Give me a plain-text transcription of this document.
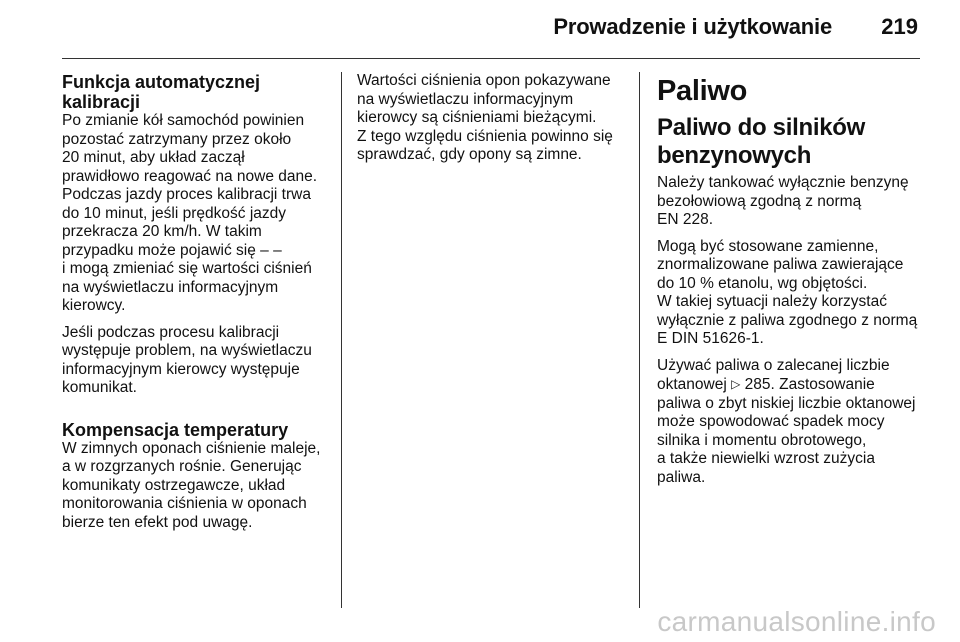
Prowadzenie i użytkowanie 219
Funkcja automatycznej
kalibracji
Po zmianie kół samochód powinien
pozostać zatrzymany przez około
20 minut, aby układ zaczął
prawidłowo reagować na nowe dane.
Podczas jazdy proces kalibracji trwa
do 10 minut, jeśli prędkość jazdy
przekracza 20 km/h. W takim
przypadku może pojawić się – –
i mogą zmieniać się wartości ciśnień
na wyświetlaczu informacyjnym
kierowcy.
Jeśli podczas procesu kalibracji
występuje problem, na wyświetlaczu
informacyjnym kierowcy występuje
komunikat.
Kompensacja temperatury
W zimnych oponach ciśnienie maleje,
a w rozgrzanych rośnie. Generując
komunikaty ostrzegawcze, układ
monitorowania ciśnienia w oponach
bierze ten efekt pod uwagę.
Wartości ciśnienia opon pokazywane
na wyświetlaczu informacyjnym
kierowcy są ciśnieniami bieżącymi.
Z tego względu ciśnienia powinno się
sprawdzać, gdy opony są zimne.
Paliwo
Paliwo do silników
benzynowych
Należy tankować wyłącznie benzynę
bezołowiową zgodną z normą
EN 228.
Mogą być stosowane zamienne,
znormalizowane paliwa zawierające
do 10 % etanolu, wg objętości.
W takiej sytuacji należy korzystać
wyłącznie z paliwa zgodnego z normą
E DIN 51626-1.
Używać paliwa o zalecanej liczbie
oktanowej ▷ 285. Zastosowanie
paliwa o zbyt niskiej liczbie oktanowej
może spowodować spadek mocy
silnika i momentu obrotowego,
a także niewielki wzrost zużycia
paliwa.
carmanualsonline.info
